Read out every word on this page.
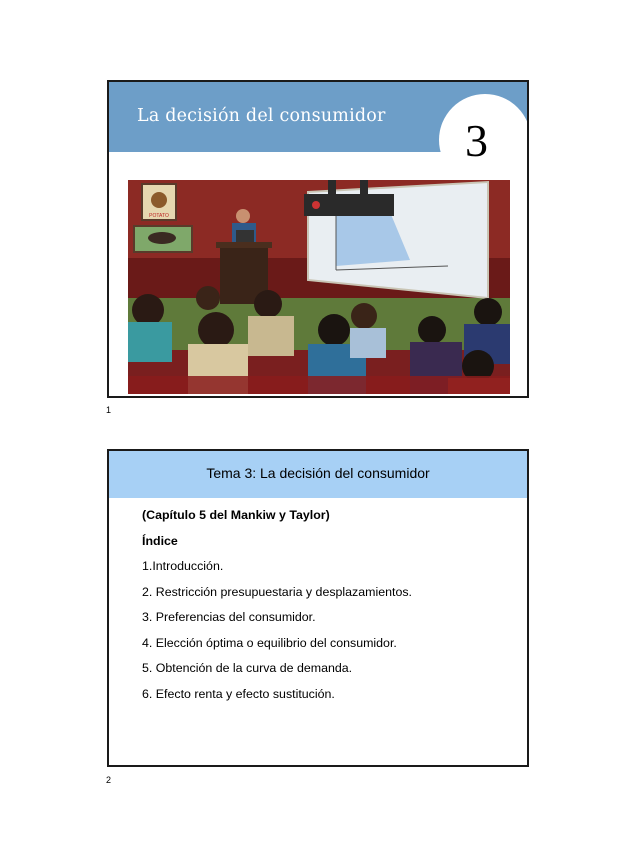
La decisión del consumidor 3
POTATO
1
Tema 3: La decisión del consumidor
(Capítulo 5 del Mankiw y Taylor)
Índice
1.Introducción.
2. Restricción presupuestaria y desplazamientos.
3. Preferencias del consumidor.
4. Elección óptima o equilibrio del consumidor.
5. Obtención de la curva de demanda.
6. Efecto renta y efecto sustitución.
2
